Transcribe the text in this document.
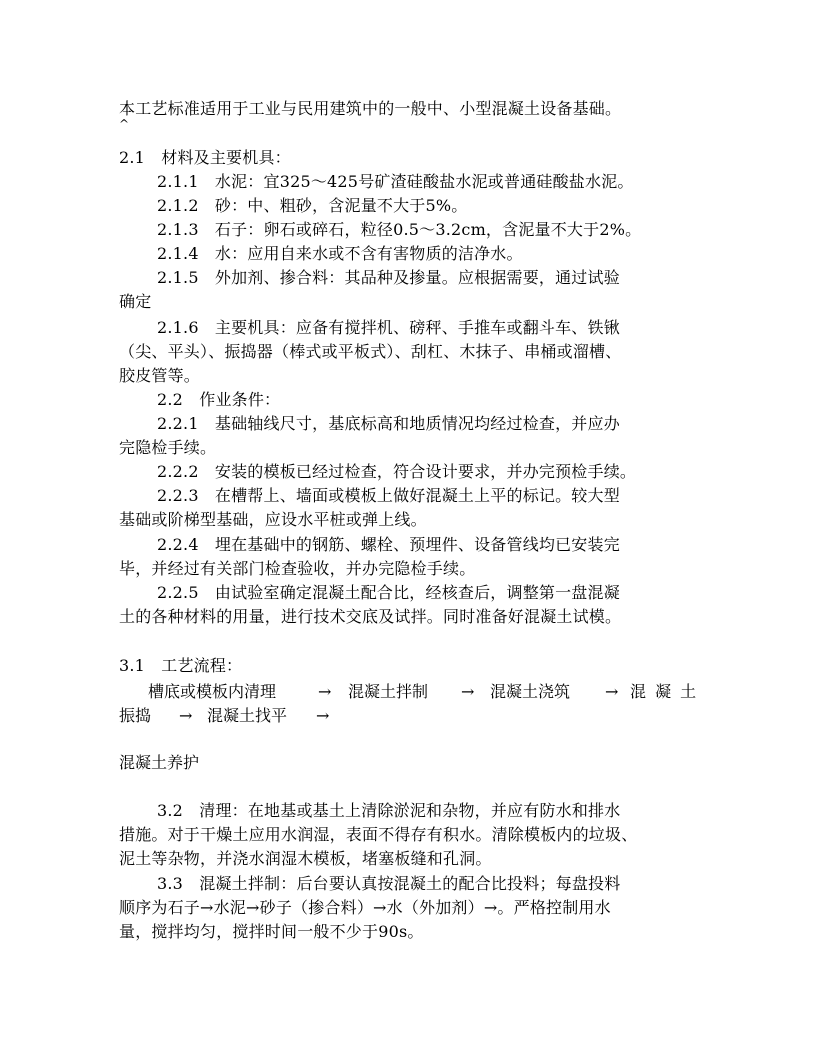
本工艺标准适用于工业与民用建筑中的一般中、小型混凝土设备基础。
^
2.1　材料及主要机具：
2.1.1　水泥：宜325～425号矿渣硅酸盐水泥或普通硅酸盐水泥。
2.1.2　砂：中、粗砂，含泥量不大于5%。
2.1.3　石子：卵石或碎石，粒径0.5～3.2cm，含泥量不大于2%。
2.1.4　水：应用自来水或不含有害物质的洁净水。
2.1.5　外加剂、掺合料：其品种及掺量。应根据需要，通过试验
确定
2.1.6　主要机具：应备有搅拌机、磅秤、手推车或翻斗车、铁锹
（尖、平头）、振捣器（棒式或平板式）、刮杠、木抹子、串桶或溜槽、
胶皮管等。
2.2　作业条件：
2.2.1　基础轴线尺寸，基底标高和地质情况均经过检查，并应办
完隐检手续。
2.2.2　安装的模板已经过检查，符合设计要求，并办完预检手续。
2.2.3　在槽帮上、墙面或模板上做好混凝土上平的标记。较大型
基础或阶梯型基础，应设水平桩或弹上线。
2.2.4　埋在基础中的钢筋、螺栓、预埋件、设备管线均已安装完
毕，并经过有关部门检查验收，并办完隐检手续。
2.2.5　由试验室确定混凝土配合比，经核查后，调整第一盘混凝
土的各种材料的用量，进行技术交底及试拌。同时准备好混凝土试模。
3.1　工艺流程：
槽底或模板内清理	→ 混凝土拌制 → 混凝土浇筑 → 混 凝 土
振捣 → 混凝土找平 →
混凝土养护
3.2　清理：在地基或基土上清除淤泥和杂物，并应有防水和排水
措施。对于干燥土应用水润湿，表面不得存有积水。清除模板内的垃圾、
泥土等杂物，并浇水润湿木模板，堵塞板缝和孔洞。
3.3　混凝土拌制：后台要认真按混凝土的配合比投料；每盘投料
顺序为石子→水泥→砂子（掺合料）→水（外加剂）→。严格控制用水
量，搅拌均匀，搅拌时间一般不少于90s。
